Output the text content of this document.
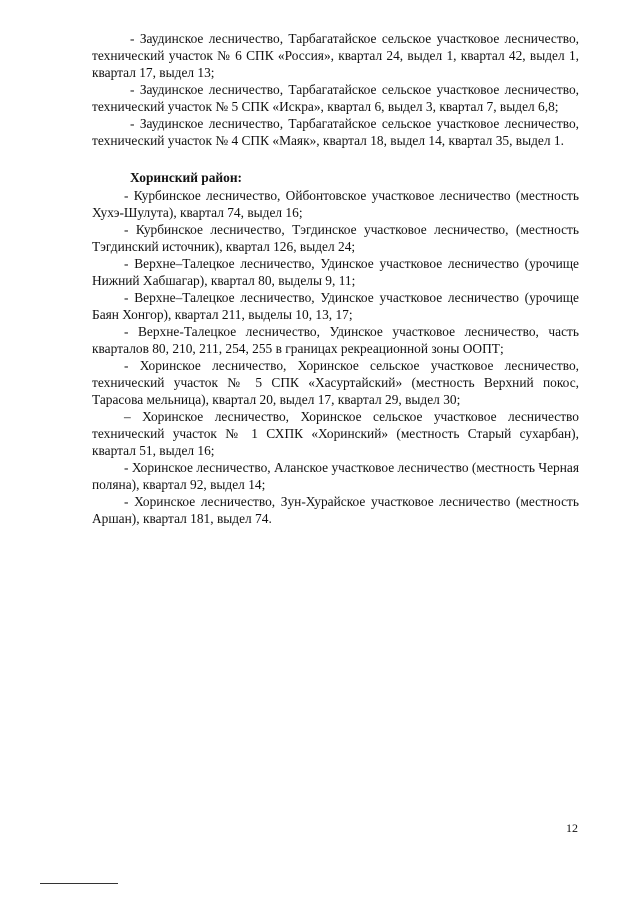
- Заудинское лесничество, Тарбагатайское сельское участковое лесничество, технический участок № 6 СПК «Россия», квартал 24, выдел 1, квартал 42, выдел 1, квартал 17, выдел 13;

- Заудинское лесничество, Тарбагатайское сельское участковое лесничество, технический участок № 5 СПК «Искра», квартал 6, выдел 3, квартал 7, выдел 6,8;

- Заудинское лесничество, Тарбагатайское сельское участковое лесничество, технический участок № 4 СПК «Маяк», квартал 18, выдел 14, квартал 35, выдел 1.

Хоринский район:

- Курбинское лесничество, Ойбонтовское участковое лесничество (местность Хухэ-Шулута), квартал 74, выдел 16;

- Курбинское лесничество, Тэгдинское участковое лесничество, (местность Тэгдинский источник), квартал 126, выдел 24;

- Верхне–Талецкое лесничество, Удинское участковое лесничество (урочище Нижний Хабшагар), квартал 80, выделы 9, 11;

- Верхне–Талецкое лесничество, Удинское участковое лесничество (урочище Баян Хонгор), квартал 211, выделы 10, 13, 17;

- Верхне-Талецкое лесничество, Удинское участковое лесничество, часть кварталов 80, 210, 211, 254, 255 в границах рекреационной зоны ООПТ;

- Хоринское лесничество, Хоринское сельское участковое лесничество, технический участок № 5 СПК «Хасуртайский» (местность Верхний покос, Тарасова мельница), квартал 20, выдел 17, квартал 29, выдел 30;

– Хоринское лесничество, Хоринское сельское участковое лесничество технический участок № 1 СХПК «Хоринский» (местность Старый сухарбан), квартал 51, выдел 16;

- Хоринское лесничество, Аланское участковое лесничество (местность Черная поляна), квартал 92, выдел 14;

- Хоринское лесничество, Зун-Хурайское участковое лесничество (местность Аршан), квартал 181, выдел 74.

12
